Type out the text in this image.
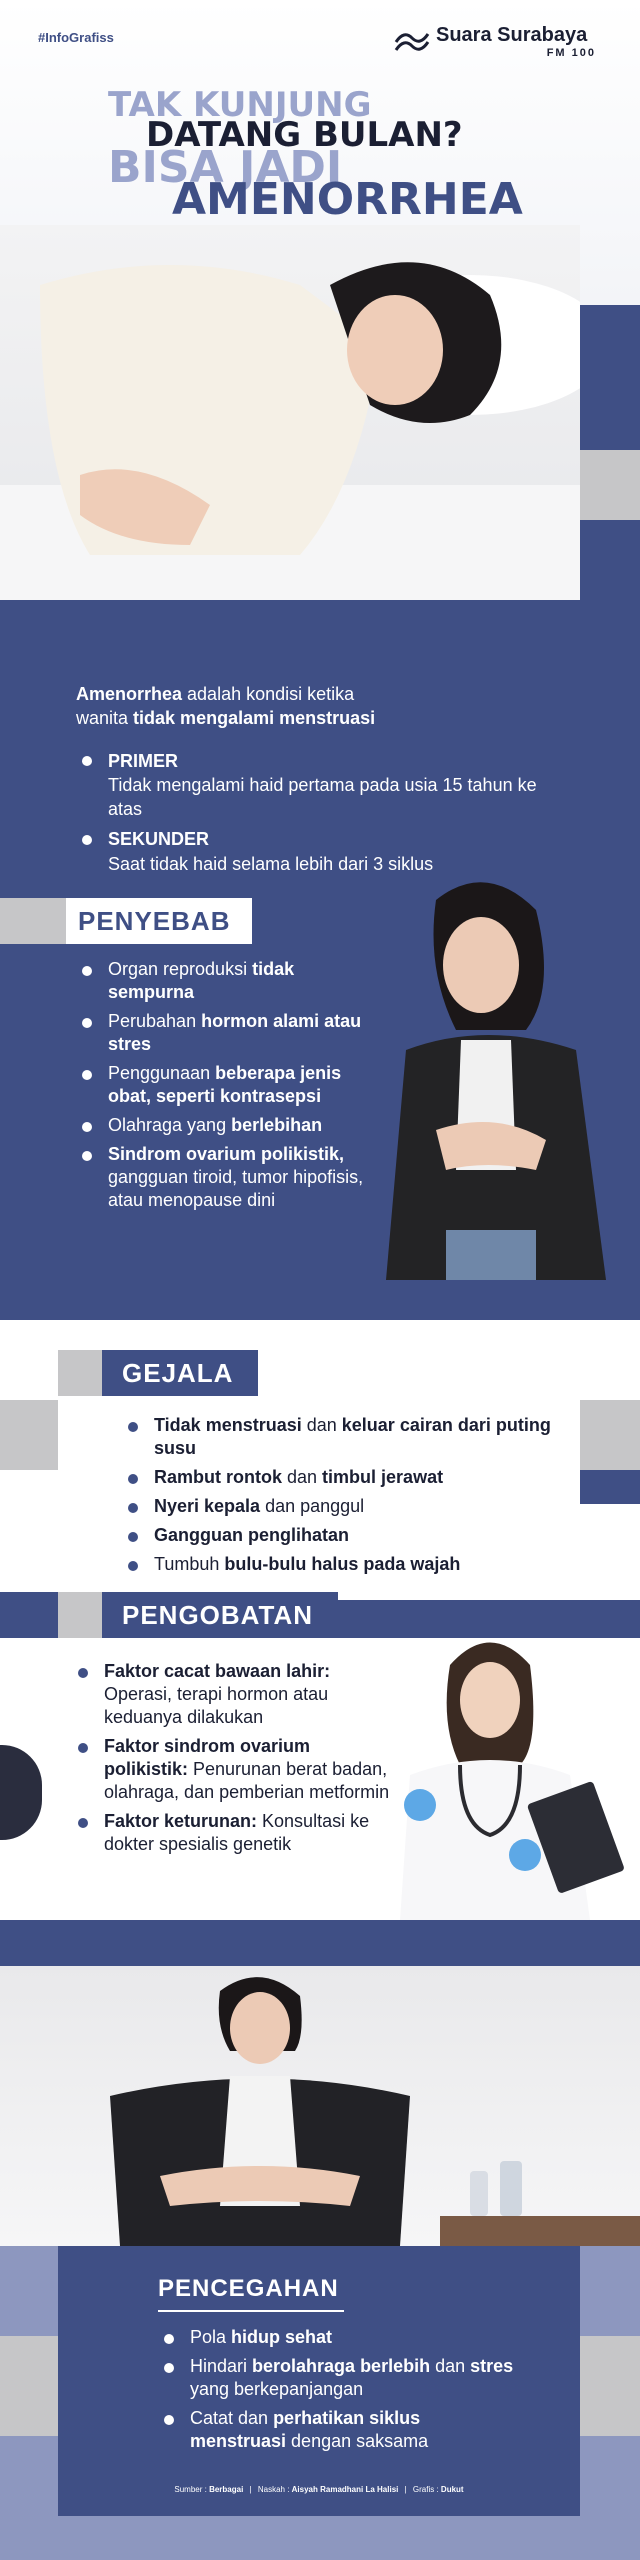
#InfoGrafiss	Suara Surabaya
FM 100
TAK KUNJUNG
DATANG BULAN?
BISA JADI
AMENORRHEA

Amenorrhea adalah kondisi ketika
wanita tidak mengalami menstruasi

PRIMER
Tidak mengalami haid pertama pada usia 15 tahun ke atas
SEKUNDER
Saat tidak haid selama lebih dari 3 siklus
PENYEBAB
Organ reproduksi tidak sempurna
Perubahan hormon alami atau stres
Penggunaan beberapa jenis obat, seperti kontrasepsi
Olahraga yang berlebihan
Sindrom ovarium polikistik, gangguan tiroid, tumor hipofisis, atau menopause dini
GEJALA
Tidak menstruasi dan keluar cairan dari puting susu
Rambut rontok dan timbul jerawat
Nyeri kepala dan panggul
Gangguan penglihatan
Tumbuh bulu-bulu halus pada wajah
PENGOBATAN
Faktor cacat bawaan lahir: Operasi, terapi hormon atau keduanya dilakukan
Faktor sindrom ovarium polikistik: Penurunan berat badan, olahraga, dan pemberian metformin
Faktor keturunan: Konsultasi ke dokter spesialis genetik
PENCEGAHAN
Pola hidup sehat
Hindari berolahraga berlebih dan stres yang berkepanjangan
Catat dan perhatikan siklus menstruasi dengan saksama
Sumber : Berbagai | Naskah : Aisyah Ramadhani La Halisi | Grafis : Dukut
